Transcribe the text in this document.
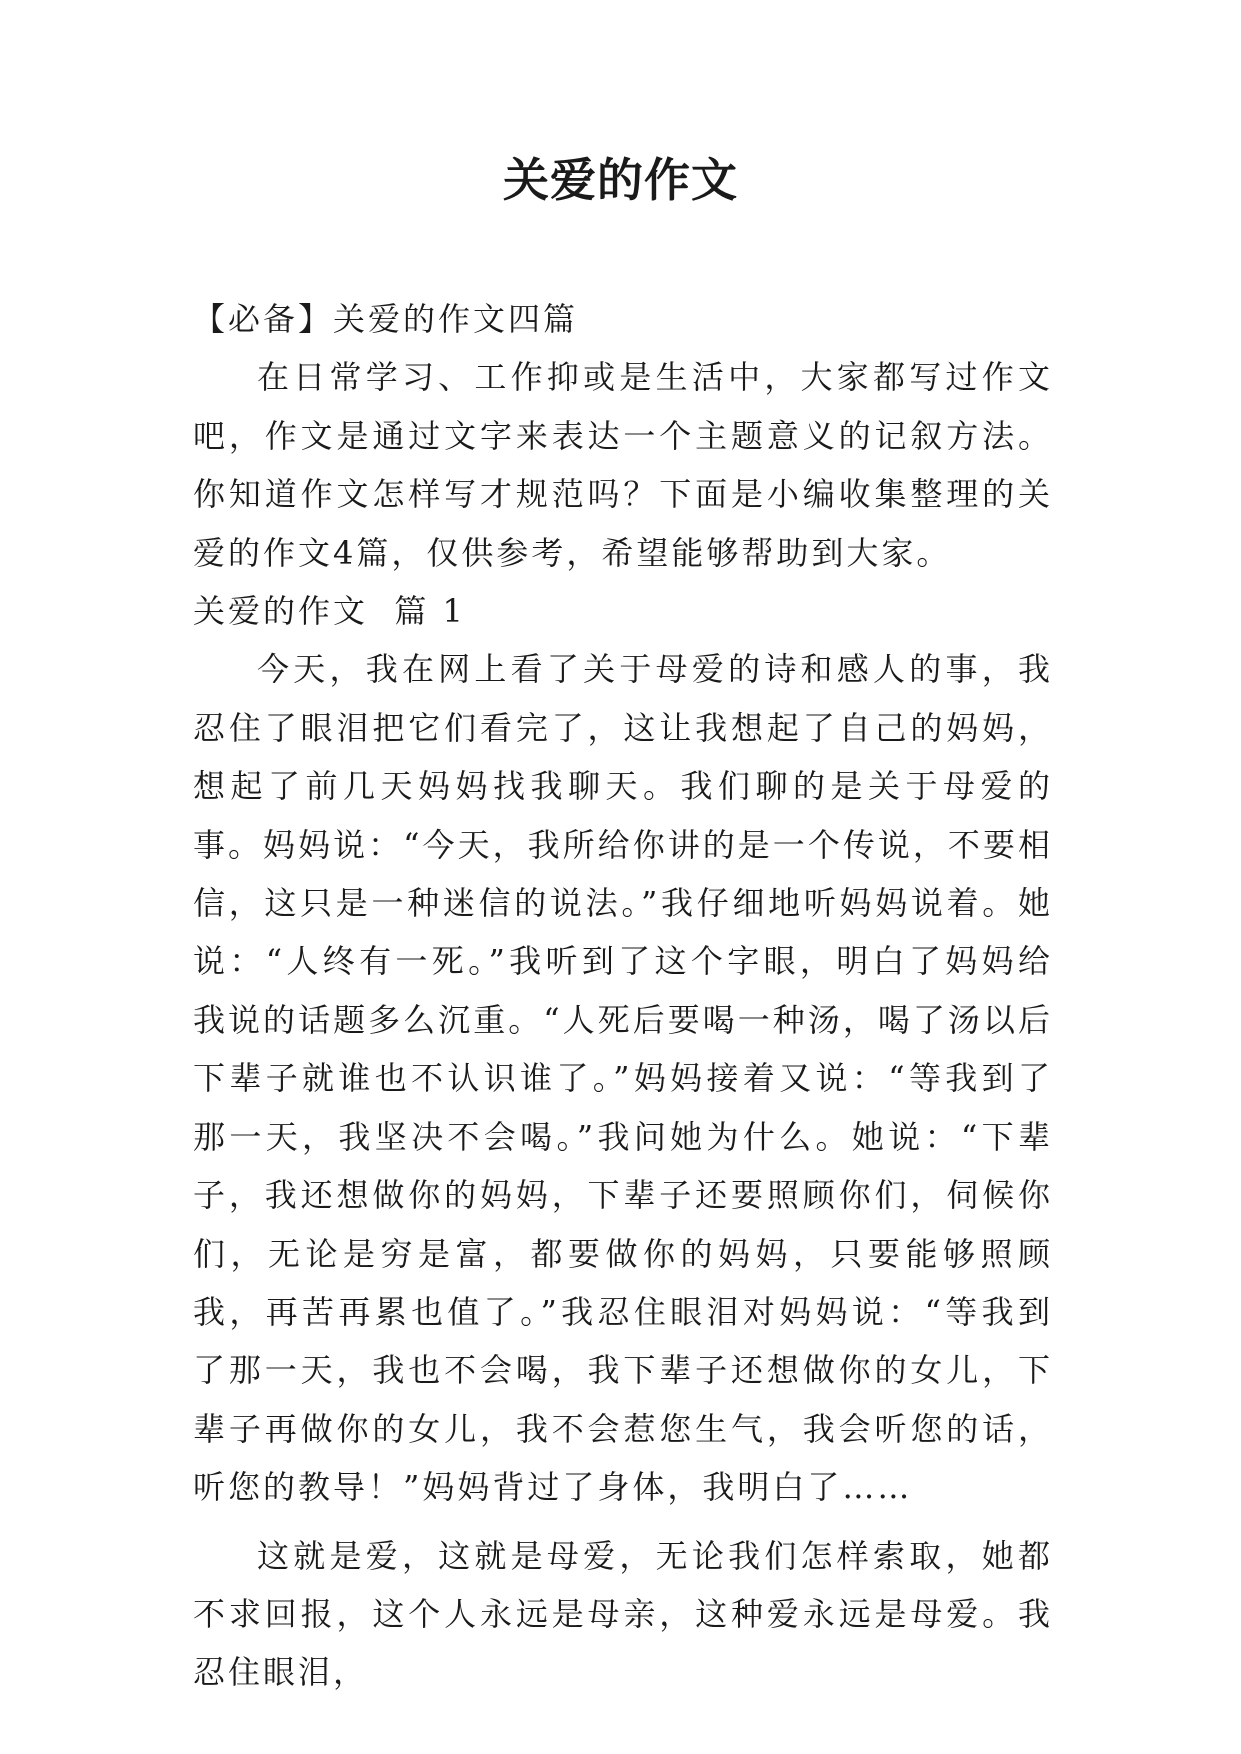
关爱的作文

【必备】关爱的作文四篇

在日常学习、工作抑或是生活中，大家都写过作文吧，作文是通过文字来表达一个主题意义的记叙方法。你知道作文怎样写才规范吗？下面是小编收集整理的关爱的作文4篇，仅供参考，希望能够帮助到大家。

关爱的作文  篇 1

今天，我在网上看了关于母爱的诗和感人的事，我忍住了眼泪把它们看完了，这让我想起了自己的妈妈，想起了前几天妈妈找我聊天。我们聊的是关于母爱的事。妈妈说：“今天，我所给你讲的是一个传说，不要相信，这只是一种迷信的说法。”我仔细地听妈妈说着。她说：“人终有一死。”我听到了这个字眼，明白了妈妈给我说的话题多么沉重。“人死后要喝一种汤，喝了汤以后下辈子就谁也不认识谁了。”妈妈接着又说：“等我到了那一天，我坚决不会喝。”我问她为什么。她说：“下辈子，我还想做你的妈妈，下辈子还要照顾你们，伺候你们，无论是穷是富，都要做你的妈妈，只要能够照顾我，再苦再累也值了。”我忍住眼泪对妈妈说：“等我到了那一天，我也不会喝，我下辈子还想做你的女儿，下辈子再做你的女儿，我不会惹您生气，我会听您的话，听您的教导！”妈妈背过了身体，我明白了……

这就是爱，这就是母爱，无论我们怎样索取，她都不求回报，这个人永远是母亲，这种爱永远是母爱。我忍住眼泪，
